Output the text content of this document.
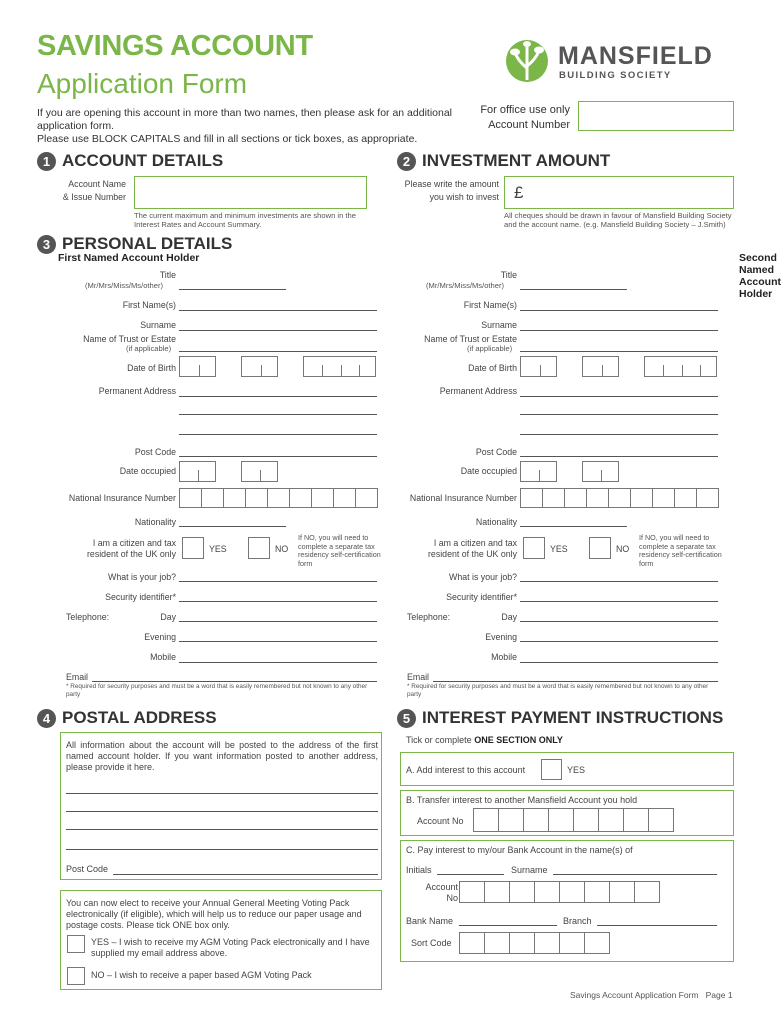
SAVINGS ACCOUNT
Application Form
If you are opening this account in more than two names, then please ask for an additional application form.
Please use BLOCK CAPITALS and fill in all sections or tick boxes, as appropriate.
MANSFIELD
BUILDING SOCIETY
For office use only
Account Number
1 ACCOUNT DETAILS
Account Name
& Issue Number
The current maximum and minimum investments are shown in the Interest Rates and Account Summary.
2 INVESTMENT AMOUNT
Please write the amount
you wish to invest £
All cheques should be drawn in favour of Mansfield Building Society and the account name. (e.g. Mansfield Building Society – J.Smith)
3 PERSONAL DETAILS
First Named Account Holder
Title
(Mr/Mrs/Miss/Ms/other)
First Name(s)
Surname
Name of Trust or Estate
(if applicable)
Date of Birth
Permanent Address
Post Code
Date occupied
National Insurance Number
Nationality
I am a citizen and tax
resident of the UK only	YES	NO
If NO, you will need to complete a separate tax residency self-certification form
What is your job?
Security identifier*
Telephone:	Day
Evening
Mobile
Email
* Required for security purposes and must be a word that is easily remembered but not known to any other party
Second Named Account Holder
Title
(Mr/Mrs/Miss/Ms/other)
First Name(s)
Surname
Name of Trust or Estate
(if applicable)
Date of Birth
Permanent Address
Post Code
Date occupied
National Insurance Number
Nationality
I am a citizen and tax
resident of the UK only	YES	NO
If NO, you will need to complete a separate tax residency self-certification form
What is your job?
Security identifier*
Telephone:	Day
Evening
Mobile
Email
* Required for security purposes and must be a word that is easily remembered but not known to any other party
4 POSTAL ADDRESS
All information about the account will be posted to the address of the first named account holder. If you want information posted to another address, please provide it here.
Post Code
You can now elect to receive your Annual General Meeting Voting Pack electronically (if eligible), which will help us to reduce our paper usage and postage costs. Please tick ONE box only.
YES – I wish to receive my AGM Voting Pack electronically and I have supplied my email address above.
NO – I wish to receive a paper based AGM Voting Pack
5 INTEREST PAYMENT INSTRUCTIONS
Tick or complete ONE SECTION ONLY
A. Add interest to this account	YES
B. Transfer interest to another Mansfield Account you hold
Account No
C. Pay interest to my/our Bank Account in the name(s) of
Initials	Surname
Account
No
Bank Name	Branch
Sort Code
Savings Account Application Form Page 1
